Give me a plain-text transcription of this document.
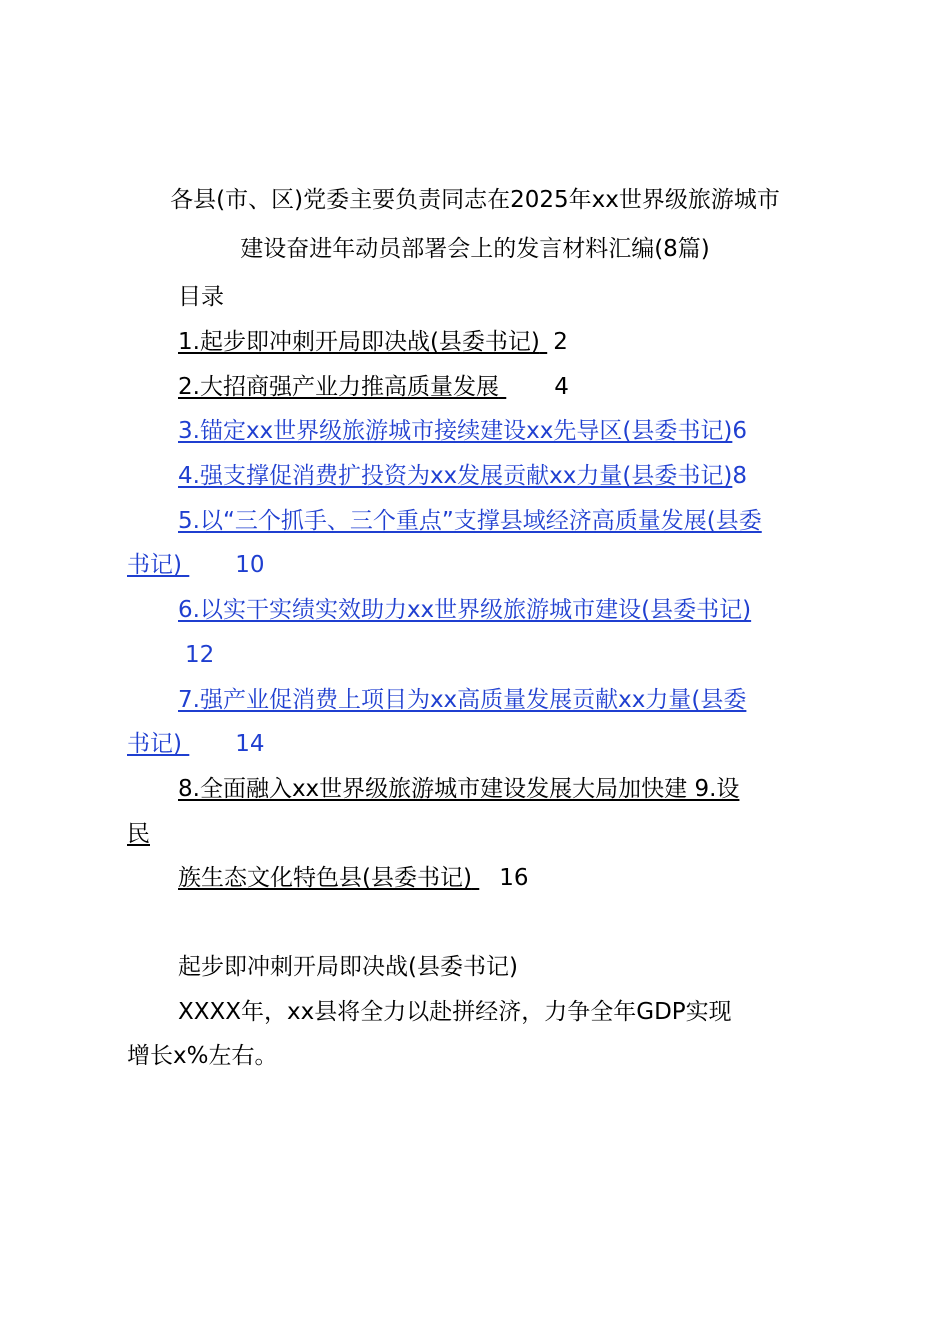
各县(市、区)党委主要负责同志在2025年xx世界级旅游城市
建设奋进年动员部署会上的发言材料汇编(8篇)
目录
1.起步即冲刺开局即决战(县委书记) 2
2.大招商强产业力推高质量发展 4
3.锚定xx世界级旅游城市接续建设xx先导区(县委书记)6
4.强支撑促消费扩投资为xx发展贡献xx力量(县委书记)8
5.以“三个抓手、三个重点”支撑县域经济高质量发展(县委
书记) 10
6.以实干实绩实效助力xx世界级旅游城市建设(县委书记)
12
7.强产业促消费上项目为xx高质量发展贡献xx力量(县委
书记) 14
8.全面融入xx世界级旅游城市建设发展大局加快建 9.设
民
族生态文化特色县(县委书记) 16
起步即冲刺开局即决战(县委书记)
XXXX年，xx县将全力以赴拼经济，力争全年GDP实现
增长x%左右。
